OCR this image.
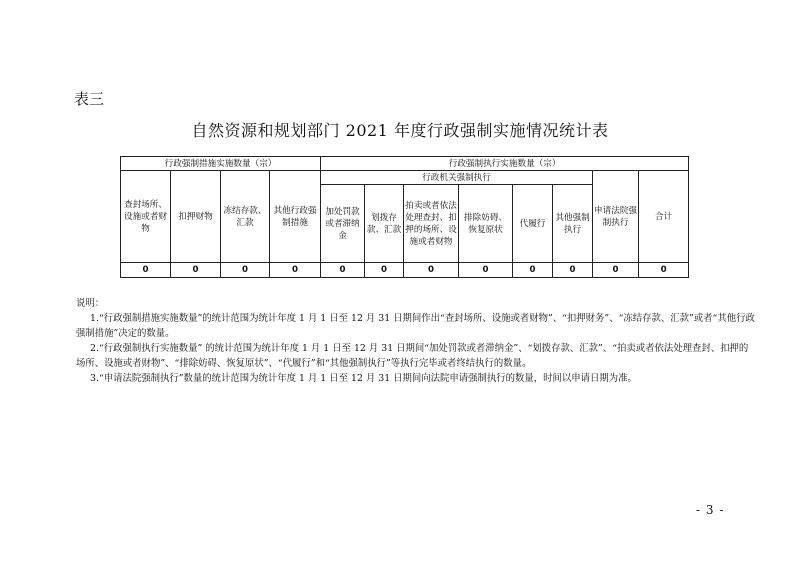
表三
自然资源和规划部门 2021 年度行政强制实施情况统计表
行政强制措施实施数量（宗）				行政强制执行实施数量（宗）							
查封场所、设施或者财物	扣押财物	冻结存款、汇款	其他行政强制措施	行政机关强制执行						申请法院强制执行	合计
				加处罚款或者滞纳金	划拨存款、汇款	拍卖或者依法处理查封、扣押的场所、设施或者财物	排除妨碍、恢复原状	代履行	其他强制执行		
0	0	0	0	0	0	0	0	0	0	0	0

说明：

1.“行政强制措施实施数量”的统计范围为统计年度 1 月 1 日至 12 月 31 日期间作出“查封场所、设施或者财物”、“扣押财务”、“冻结存款、汇款”或者“其他行政强制措施”决定的数量。

2.“行政强制执行实施数量” 的统计范围为统计年度 1 月 1 日至 12 月 31 日期间“加处罚款或者滞纳金”、“划拨存款、汇款”、“拍卖或者依法处理查封、扣押的场所、设施或者财物”、“排除妨碍、恢复原状”、“代履行”和“其他强制执行”等执行完毕或者终结执行的数量。

3.“申请法院强制执行”数量的统计范围为统计年度 1 月 1 日至 12 月 31 日期间向法院申请强制执行的数量，时间以申请日期为准。

- 3 -
